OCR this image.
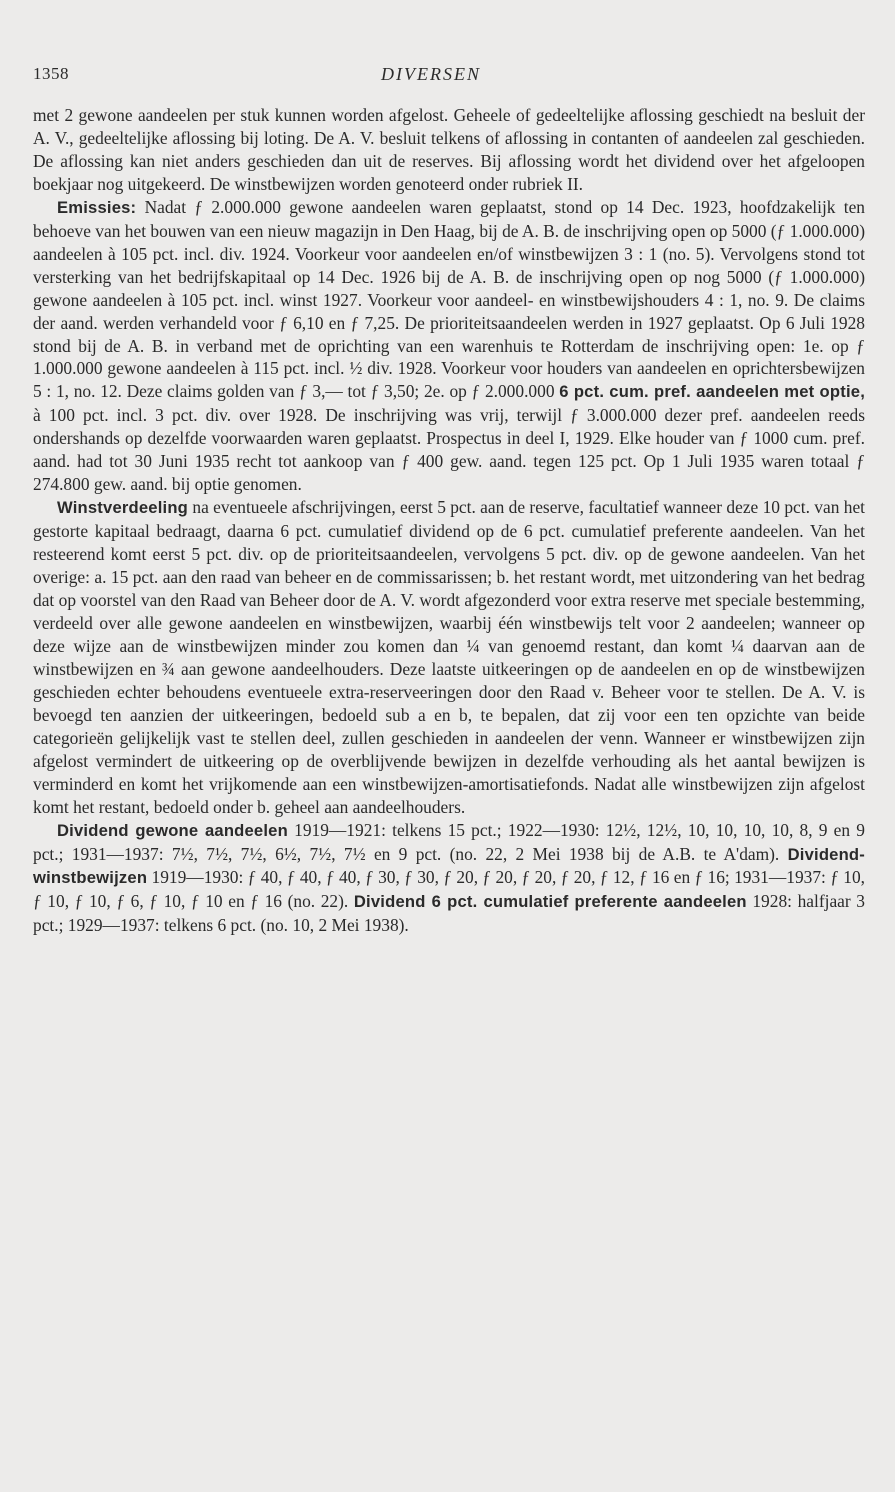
1358	DIVERSEN

met 2 gewone aandeelen per stuk kunnen worden afgelost. Geheele of gedeeltelijke aflossing geschiedt na besluit der A. V., gedeeltelijke aflossing bij loting. De A. V. besluit telkens of aflossing in contanten of aandeelen zal geschieden. De aflossing kan niet anders geschieden dan uit de reserves. Bij aflossing wordt het dividend over het afgeloopen boekjaar nog uitgekeerd. De winstbewijzen worden genoteerd onder rubriek II.

Emissies: Nadat ƒ 2.000.000 gewone aandeelen waren geplaatst, stond op 14 Dec. 1923, hoofdzakelijk ten behoeve van het bouwen van een nieuw magazijn in Den Haag, bij de A. B. de inschrijving open op 5000 (ƒ 1.000.000) aandeelen à 105 pct. incl. div. 1924. Voorkeur voor aandeelen en/of winstbewijzen 3 : 1 (no. 5). Vervolgens stond tot versterking van het bedrijfskapitaal op 14 Dec. 1926 bij de A. B. de inschrijving open op nog 5000 (ƒ 1.000.000) gewone aandeelen à 105 pct. incl. winst 1927. Voorkeur voor aandeel- en winstbewijshouders 4 : 1, no. 9. De claims der aand. werden verhandeld voor ƒ 6,10 en ƒ 7,25. De prioriteitsaandeelen werden in 1927 geplaatst. Op 6 Juli 1928 stond bij de A. B. in verband met de oprichting van een warenhuis te Rotterdam de inschrijving open: 1e. op ƒ 1.000.000 gewone aandeelen à 115 pct. incl. ½ div. 1928. Voorkeur voor houders van aandeelen en oprichtersbewijzen 5 : 1, no. 12. Deze claims golden van ƒ 3,— tot ƒ 3,50; 2e. op ƒ 2.000.000 6 pct. cum. pref. aandeelen met optie, à 100 pct. incl. 3 pct. div. over 1928. De inschrijving was vrij, terwijl ƒ 3.000.000 dezer pref. aandeelen reeds ondershands op dezelfde voorwaarden waren geplaatst. Prospectus in deel I, 1929. Elke houder van ƒ 1000 cum. pref. aand. had tot 30 Juni 1935 recht tot aankoop van ƒ 400 gew. aand. tegen 125 pct. Op 1 Juli 1935 waren totaal ƒ 274.800 gew. aand. bij optie genomen.

Winstverdeeling na eventueele afschrijvingen, eerst 5 pct. aan de reserve, facultatief wanneer deze 10 pct. van het gestorte kapitaal bedraagt, daarna 6 pct. cumulatief dividend op de 6 pct. cumulatief preferente aandeelen. Van het resteerend komt eerst 5 pct. div. op de prioriteitsaandeelen, vervolgens 5 pct. div. op de gewone aandeelen. Van het overige: a. 15 pct. aan den raad van beheer en de commissarissen; b. het restant wordt, met uitzondering van het bedrag dat op voorstel van den Raad van Beheer door de A. V. wordt afgezonderd voor extra reserve met speciale bestemming, verdeeld over alle gewone aandeelen en winstbewijzen, waarbij één winstbewijs telt voor 2 aandeelen; wanneer op deze wijze aan de winstbewijzen minder zou komen dan ¼ van genoemd restant, dan komt ¼ daarvan aan de winstbewijzen en ¾ aan gewone aandeelhouders. Deze laatste uitkeeringen op de aandeelen en op de winstbewijzen geschieden echter behoudens eventueele extra-reserveeringen door den Raad v. Beheer voor te stellen. De A. V. is bevoegd ten aanzien der uitkeeringen, bedoeld sub a en b, te bepalen, dat zij voor een ten opzichte van beide categorieën gelijkelijk vast te stellen deel, zullen geschieden in aandeelen der venn. Wanneer er winstbewijzen zijn afgelost vermindert de uitkeering op de overblijvende bewijzen in dezelfde verhouding als het aantal bewijzen is verminderd en komt het vrijkomende aan een winstbewijzen-amortisatiefonds. Nadat alle winstbewijzen zijn afgelost komt het restant, bedoeld onder b. geheel aan aandeelhouders.

Dividend gewone aandeelen 1919—1921: telkens 15 pct.; 1922—1930: 12½, 12½, 10, 10, 10, 10, 8, 9 en 9 pct.; 1931—1937: 7½, 7½, 7½, 6½, 7½, 7½ en 9 pct. (no. 22, 2 Mei 1938 bij de A.B. te A'dam). Dividend-winstbewijzen 1919—1930: ƒ 40, ƒ 40, ƒ 40, ƒ 30, ƒ 30, ƒ 20, ƒ 20, ƒ 20, ƒ 20, ƒ 12, ƒ 16 en ƒ 16; 1931—1937: ƒ 10, ƒ 10, ƒ 10, ƒ 6, ƒ 10, ƒ 10 en ƒ 16 (no. 22). Dividend 6 pct. cumulatief preferente aandeelen 1928: halfjaar 3 pct.; 1929—1937: telkens 6 pct. (no. 10, 2 Mei 1938).
